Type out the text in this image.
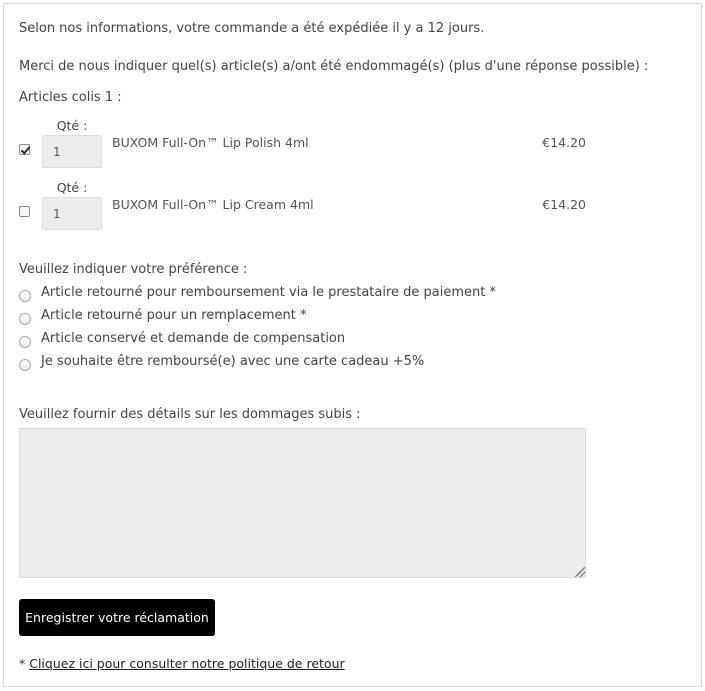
Selon nos informations, votre commande a été expédiée il y a 12 jours.
Merci de nous indiquer quel(s) article(s) a/ont été endommagé(s) (plus d'une réponse possible) :
Articles colis 1 :
Qté :
1
BUXOM Full-On™ Lip Polish 4ml	€14.20
Qté :
1
BUXOM Full-On™ Lip Cream 4ml	€14.20
Veuillez indiquer votre préférence :
Article retourné pour remboursement via le prestataire de paiement *
Article retourné pour un remplacement *
Article conservé et demande de compensation
Je souhaite être remboursé(e) avec une carte cadeau +5%
Veuillez fournir des détails sur les dommages subis :
Enregistrer votre réclamation
* Cliquez ici pour consulter notre politique de retour
